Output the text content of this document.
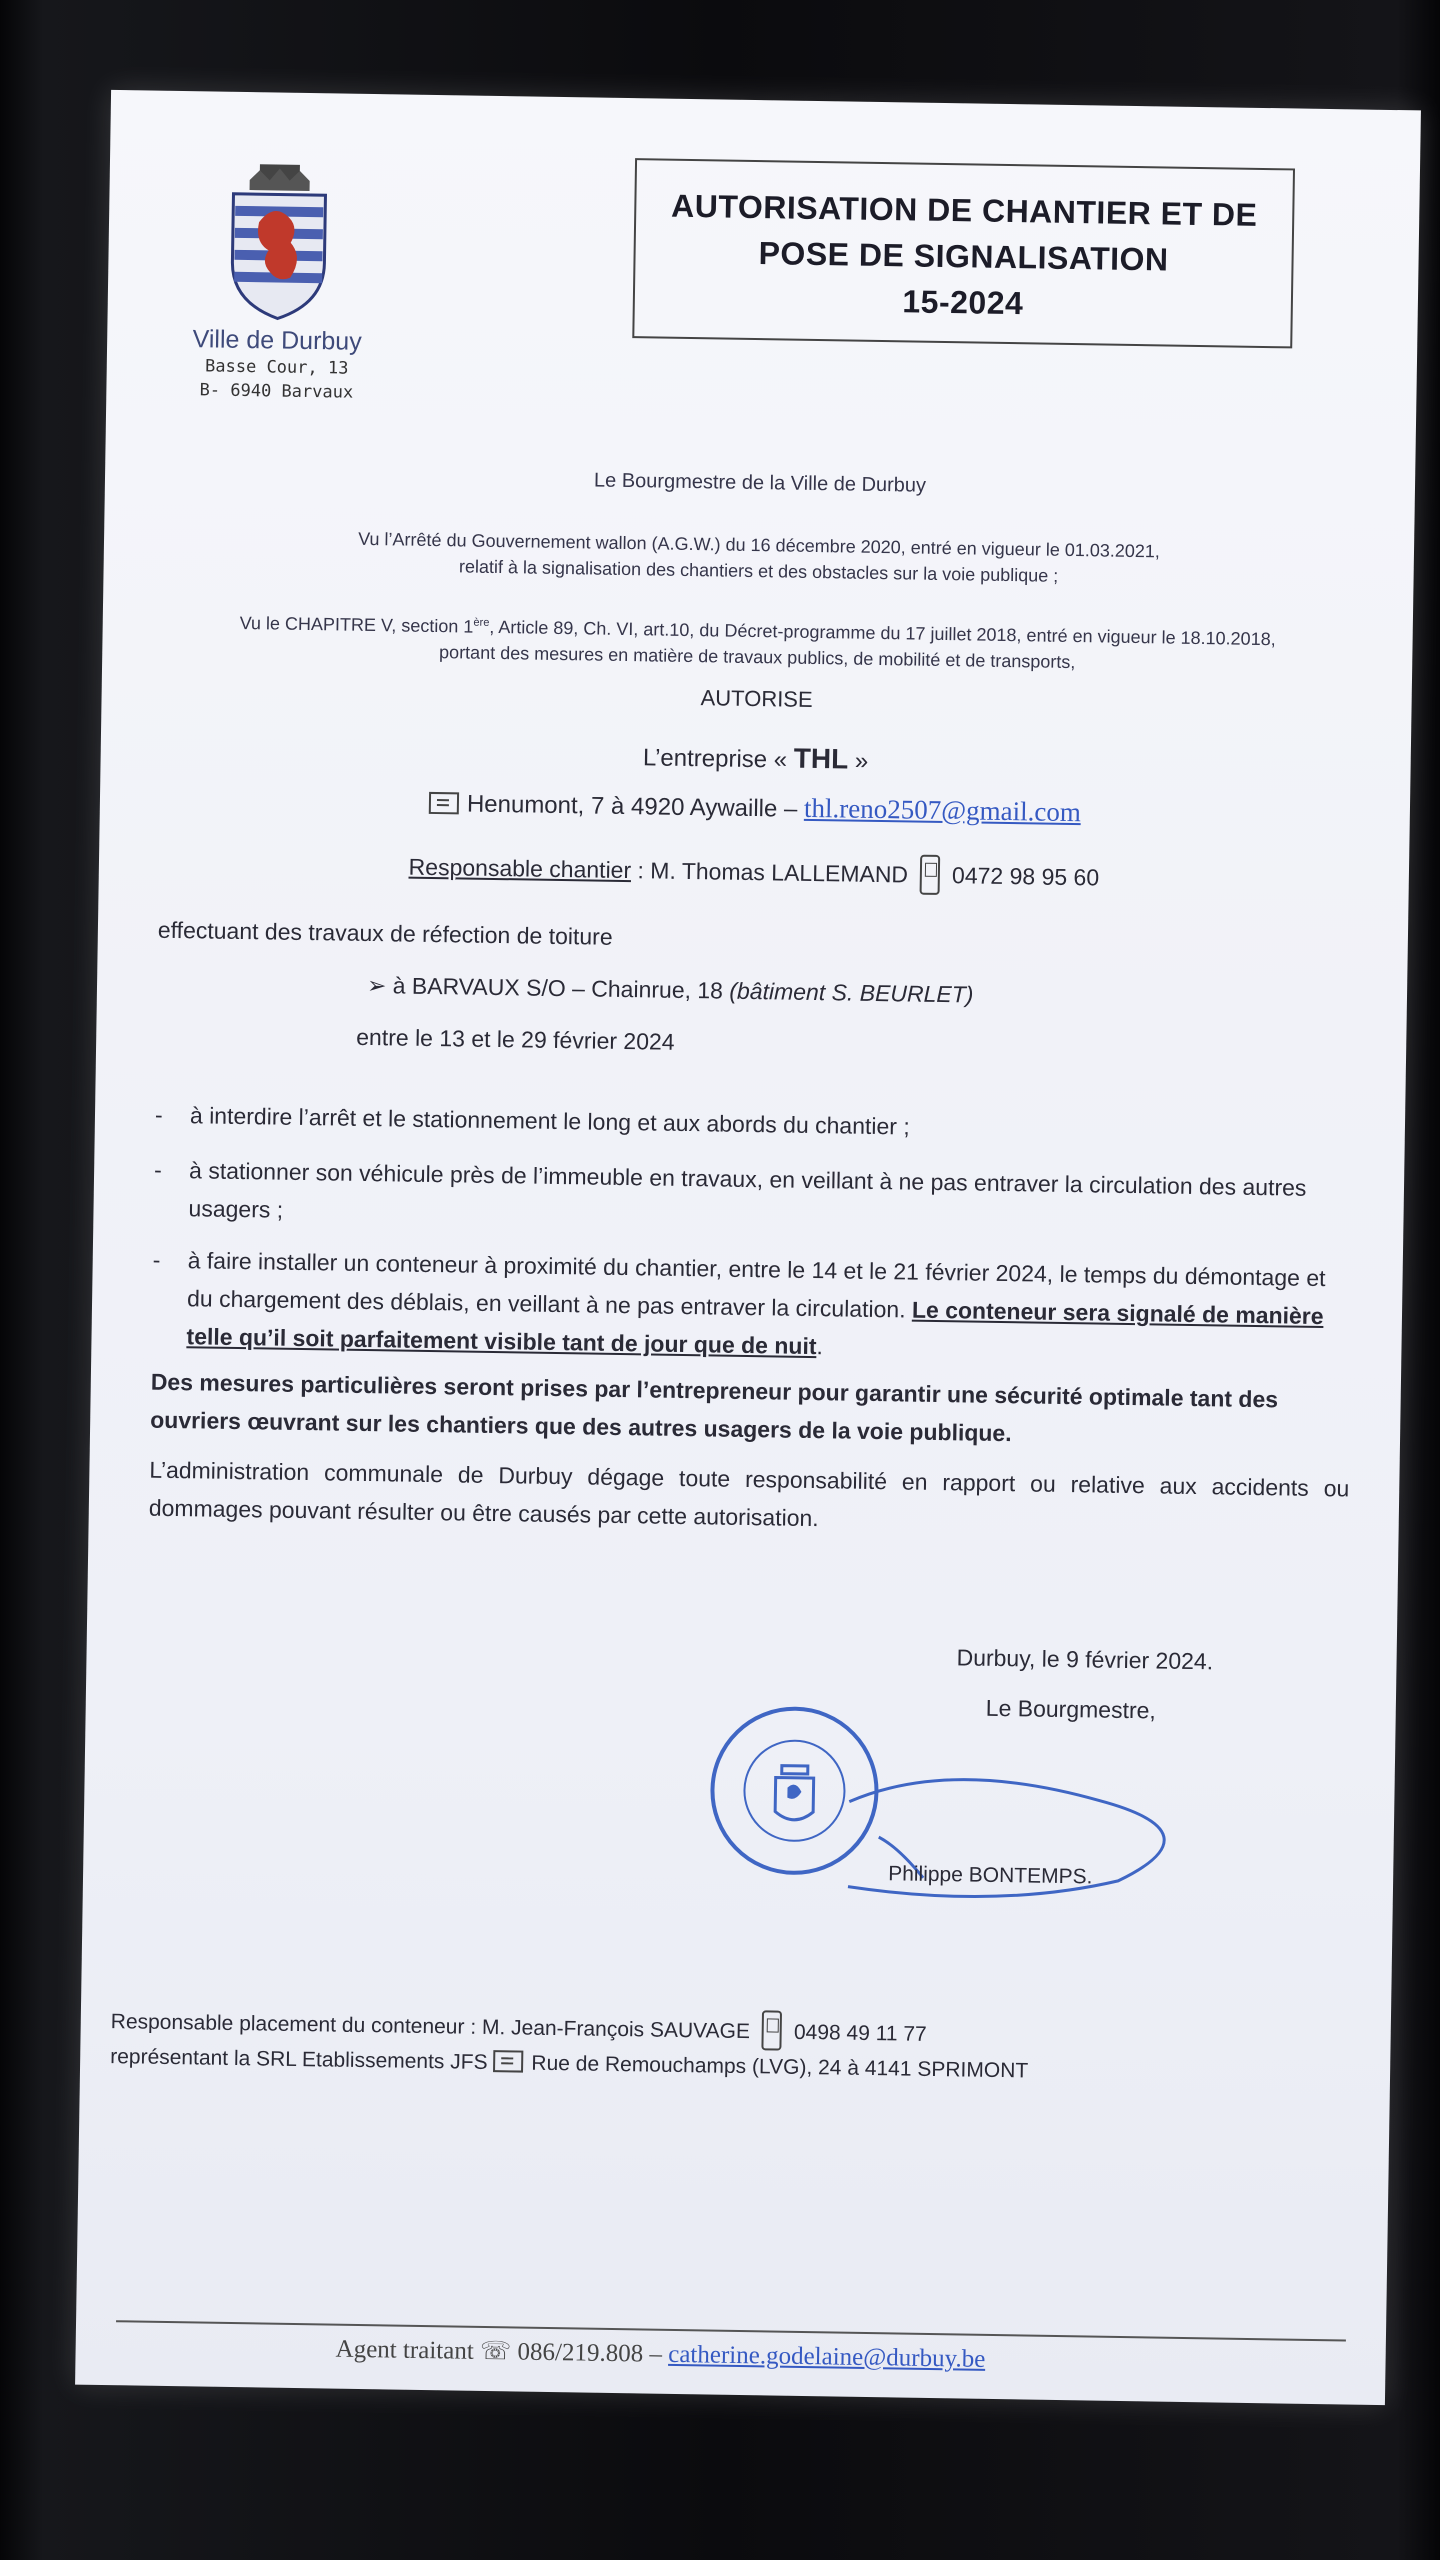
Ville de Durbuy
Basse Cour, 13
B- 6940 Barvaux
AUTORISATION DE CHANTIER ET DE
POSE DE SIGNALISATION
15-2024
Le Bourgmestre de la Ville de Durbuy
Vu l’Arrêté du Gouvernement wallon (A.G.W.) du 16 décembre 2020, entré en vigueur le 01.03.2021,
relatif à la signalisation des chantiers et des obstacles sur la voie publique ;
Vu le CHAPITRE V, section 1ère, Article 89, Ch. VI, art.10, du Décret-programme du 17 juillet 2018, entré en vigueur le 18.10.2018,
portant des mesures en matière de travaux publics, de mobilité et de transports,
AUTORISE
L’entreprise « THL »
Henumont, 7 à 4920 Aywaille – thl.reno2507@gmail.com
Responsable chantier : M. Thomas LALLEMAND 0472 98 95 60
effectuant des travaux de réfection de toiture
➢ à BARVAUX S/O – Chainrue, 18 (bâtiment S. BEURLET)
entre le 13 et le 29 février 2024
- à interdire l’arrêt et le stationnement le long et aux abords du chantier ;
- à stationner son véhicule près de l’immeuble en travaux, en veillant à ne pas entraver la circulation des autres usagers ;
- à faire installer un conteneur à proximité du chantier, entre le 14 et le 21 février 2024, le temps du démontage et du chargement des déblais, en veillant à ne pas entraver la circulation. Le conteneur sera signalé de manière telle qu’il soit parfaitement visible tant de jour que de nuit.
Des mesures particulières seront prises par l’entrepreneur pour garantir une sécurité optimale tant des ouvriers œuvrant sur les chantiers que des autres usagers de la voie publique.
L’administration communale de Durbuy dégage toute responsabilité en rapport ou relative aux accidents ou dommages pouvant résulter ou être causés par cette autorisation.
Durbuy, le 9 février 2024.
Le Bourgmestre,
Philippe BONTEMPS.
Responsable placement du conteneur : M. Jean-François SAUVAGE 0498 49 11 77
représentant la SRL Etablissements JFS Rue de Remouchamps (LVG), 24 à 4141 SPRIMONT
Agent traitant ☏ 086/219.808 – catherine.godelaine@durbuy.be
